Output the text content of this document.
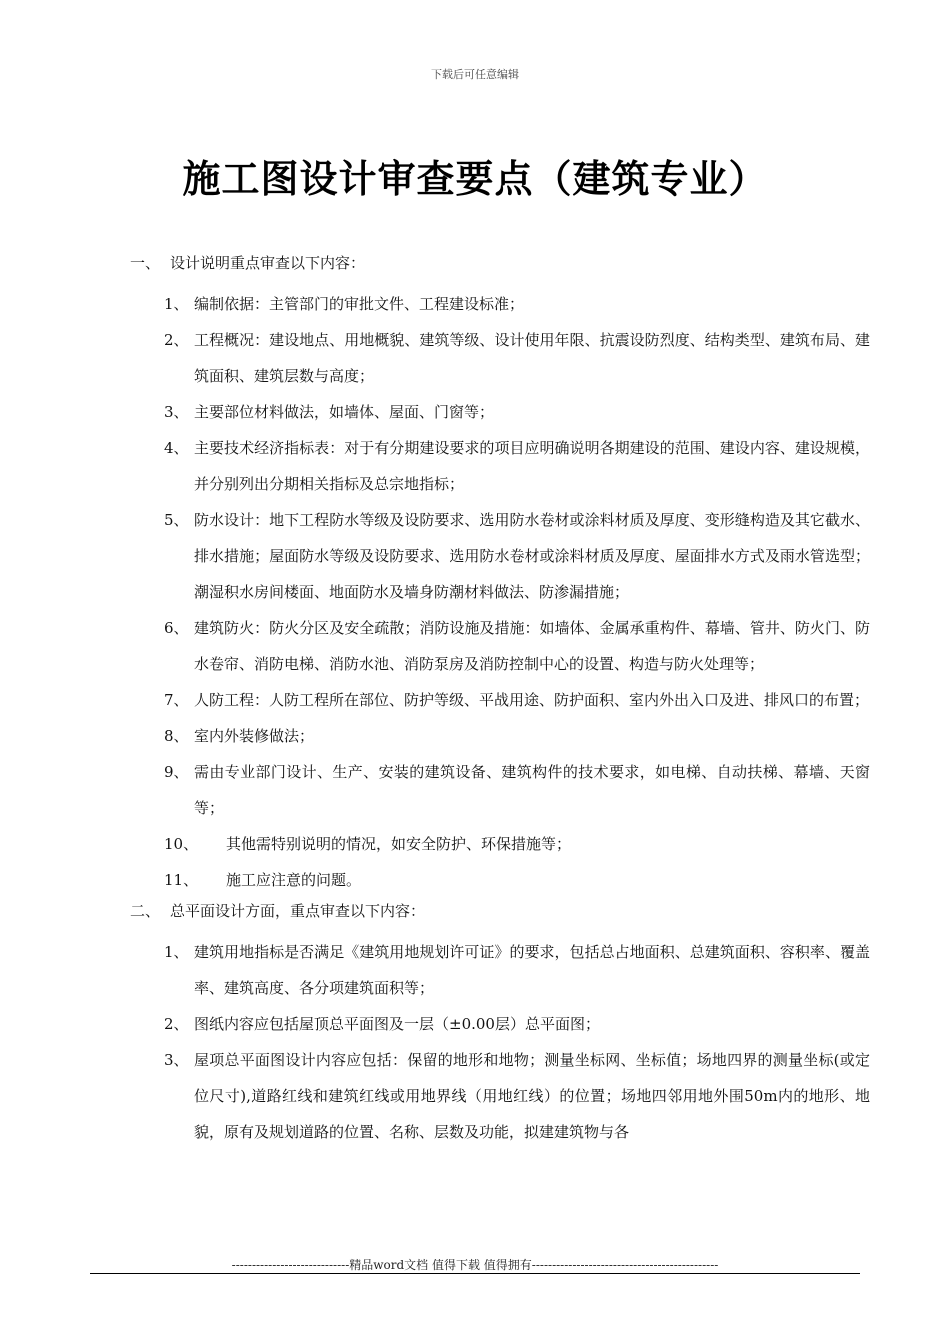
下载后可任意编辑
施工图设计审查要点（建筑专业）
一、 设计说明重点审查以下内容：
1、 编制依据：主管部门的审批文件、工程建设标准；
2、 工程概况：建设地点、用地概貌、建筑等级、设计使用年限、抗震设防烈度、结构类型、建筑布局、建筑面积、建筑层数与高度；
3、 主要部位材料做法，如墙体、屋面、门窗等；
4、 主要技术经济指标表：对于有分期建设要求的项目应明确说明各期建设的范围、建设内容、建设规模，并分别列出分期相关指标及总宗地指标；
5、 防水设计：地下工程防水等级及设防要求、选用防水卷材或涂料材质及厚度、变形缝构造及其它截水、排水措施；屋面防水等级及设防要求、选用防水卷材或涂料材质及厚度、屋面排水方式及雨水管选型；潮湿积水房间楼面、地面防水及墙身防潮材料做法、防渗漏措施；
6、 建筑防火：防火分区及安全疏散；消防设施及措施：如墙体、金属承重构件、幕墙、管井、防火门、防水卷帘、消防电梯、消防水池、消防泵房及消防控制中心的设置、构造与防火处理等；
7、 人防工程：人防工程所在部位、防护等级、平战用途、防护面积、室内外出入口及进、排风口的布置；
8、 室内外装修做法；
9、 需由专业部门设计、生产、安装的建筑设备、建筑构件的技术要求，如电梯、自动扶梯、幕墙、天窗等；
10、 其他需特别说明的情况，如安全防护、环保措施等；
11、 施工应注意的问题。
二、 总平面设计方面，重点审查以下内容：
1、 建筑用地指标是否满足《建筑用地规划许可证》的要求，包括总占地面积、总建筑面积、容积率、覆盖率、建筑高度、各分项建筑面积等；
2、 图纸内容应包括屋顶总平面图及一层（±0.00层）总平面图；
3、 屋项总平面图设计内容应包括：保留的地形和地物；测量坐标网、坐标值；场地四界的测量坐标(或定位尺寸),道路红线和建筑红线或用地界线（用地红线）的位置；场地四邻用地外围50m内的地形、地貌，原有及规划道路的位置、名称、层数及功能，拟建建筑物与各
-----------------------------精品word文档 值得下载 值得拥有----------------------------------------------
